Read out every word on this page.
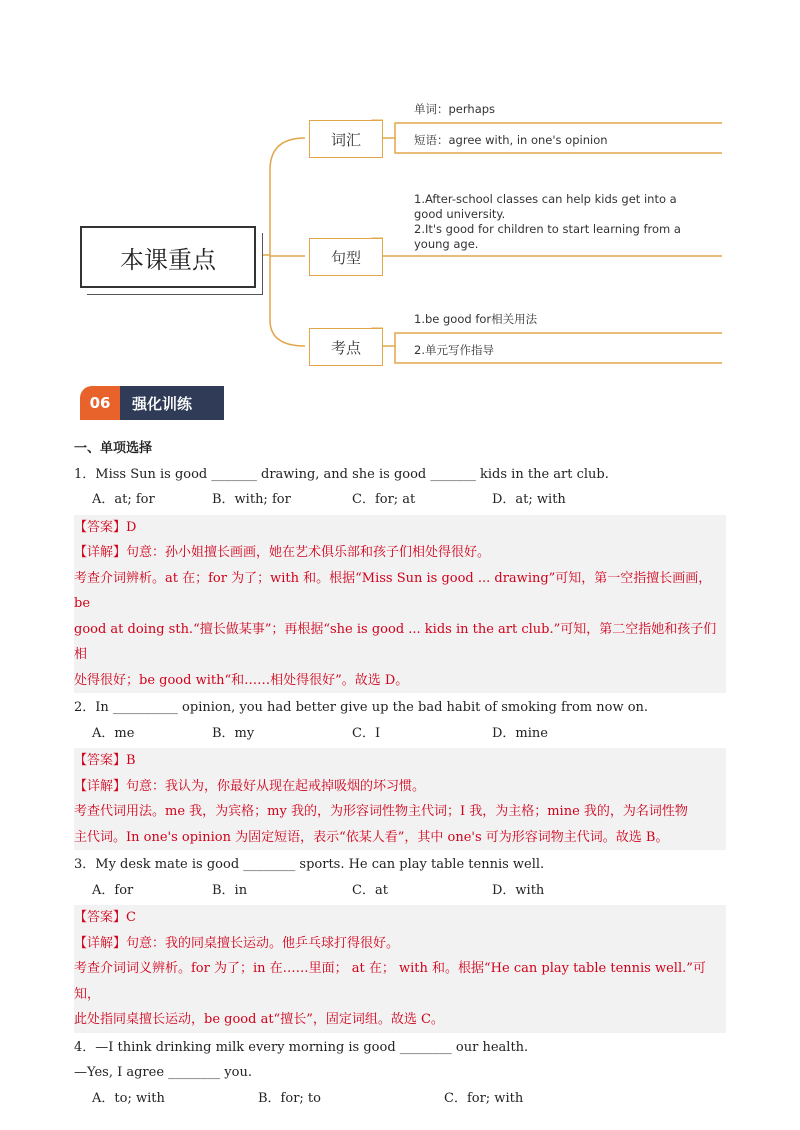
本课重点
词汇
句型
考点
单词：perhaps
短语：agree with, in one's opinion
1.After-school classes can help kids get into a
good university.
2.It's good for children to start learning from a
young age.
1.be good for相关用法
2.单元写作指导
06	强化训练
一、单项选择
1．Miss Sun is good _______ drawing, and she is good _______ kids in the art club.
A．at; for	B．with; for	C．for; at	D．at; with
【答案】D
【详解】句意：孙小姐擅长画画，她在艺术俱乐部和孩子们相处得很好。
考查介词辨析。at 在；for 为了；with 和。根据“Miss Sun is good ... drawing”可知，第一空指擅长画画，be
good at doing sth.“擅长做某事”；再根据“she is good ... kids in the art club.”可知，第二空指她和孩子们相
处得很好；be good with“和……相处得很好”。故选 D。
2．In __________ opinion, you had better give up the bad habit of smoking from now on.
A．me	B．my	C．I	D．mine
【答案】B
【详解】句意：我认为，你最好从现在起戒掉吸烟的坏习惯。
考查代词用法。me 我，为宾格；my 我的，为形容词性物主代词；I 我，为主格；mine 我的，为名词性物
主代词。In one's opinion 为固定短语，表示“依某人看”，其中 one's 可为形容词物主代词。故选 B。
3．My desk mate is good ________ sports. He can play table tennis well.
A．for	B．in	C．at	D．with
【答案】C
【详解】句意：我的同桌擅长运动。他乒乓球打得很好。
考查介词词义辨析。for 为了；in 在……里面； at 在； with 和。根据“He can play table tennis well.”可知，
此处指同桌擅长运动，be good at“擅长”，固定词组。故选 C。
4．—I think drinking milk every morning is good ________ our health.
—Yes, I agree ________ you.
A．to; with	B．for; to	C．for; with
